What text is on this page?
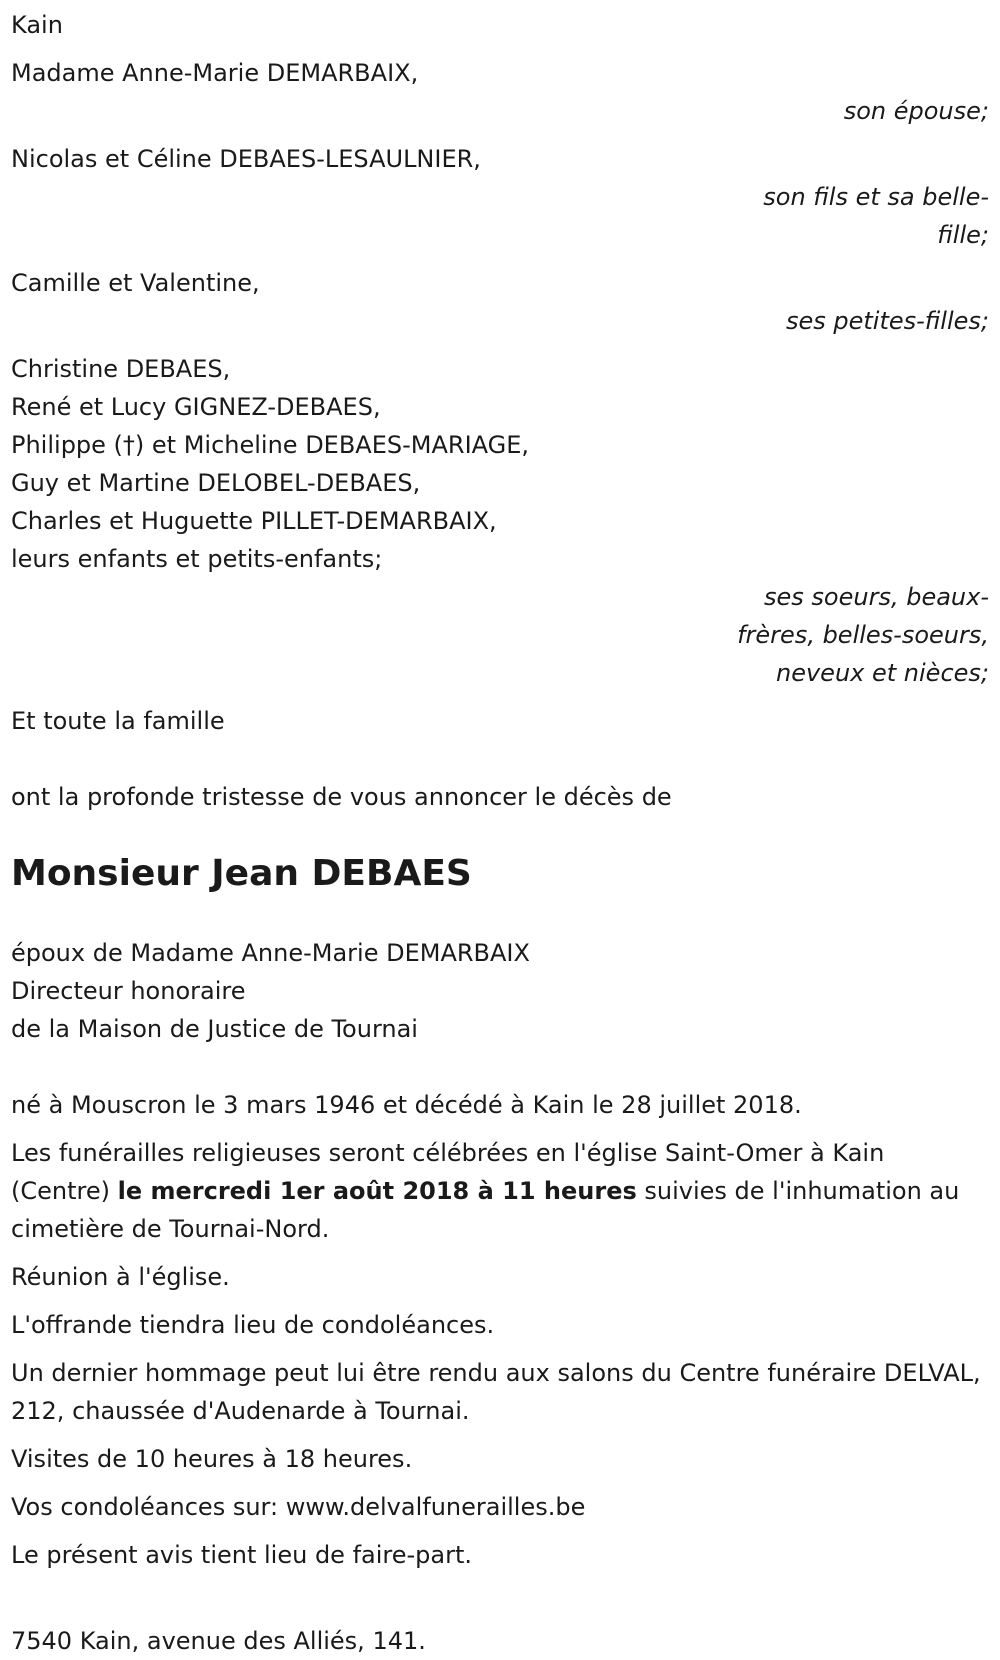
Kain
Madame Anne-Marie DEMARBAIX,
son épouse;
Nicolas et Céline DEBAES-LESAULNIER,
son fils et sa belle-fille;
Camille et Valentine,
ses petites-filles;
Christine DEBAES,
René et Lucy GIGNEZ-DEBAES,
Philippe (†) et Micheline DEBAES-MARIAGE,
Guy et Martine DELOBEL-DEBAES,
Charles et Huguette PILLET-DEMARBAIX,
leurs enfants et petits-enfants;
ses soeurs, beaux-frères, belles-soeurs, neveux et nièces;
Et toute la famille
ont la profonde tristesse de vous annoncer le décès de
Monsieur Jean DEBAES
époux de Madame Anne-Marie DEMARBAIX
Directeur honoraire
de la Maison de Justice de Tournai

né à Mouscron le 3 mars 1946 et décédé à Kain le 28 juillet 2018.

Les funérailles religieuses seront célébrées en l'église Saint-Omer à Kain (Centre) le mercredi 1er août 2018 à 11 heures suivies de l'inhumation au cimetière de Tournai-Nord.

Réunion à l'église.

L'offrande tiendra lieu de condoléances.

Un dernier hommage peut lui être rendu aux salons du Centre funéraire DELVAL, 212, chaussée d'Audenarde à Tournai.

Visites de 10 heures à 18 heures.

Vos condoléances sur: www.delvalfunerailles.be

Le présent avis tient lieu de faire-part.

7540 Kain, avenue des Alliés, 141.
